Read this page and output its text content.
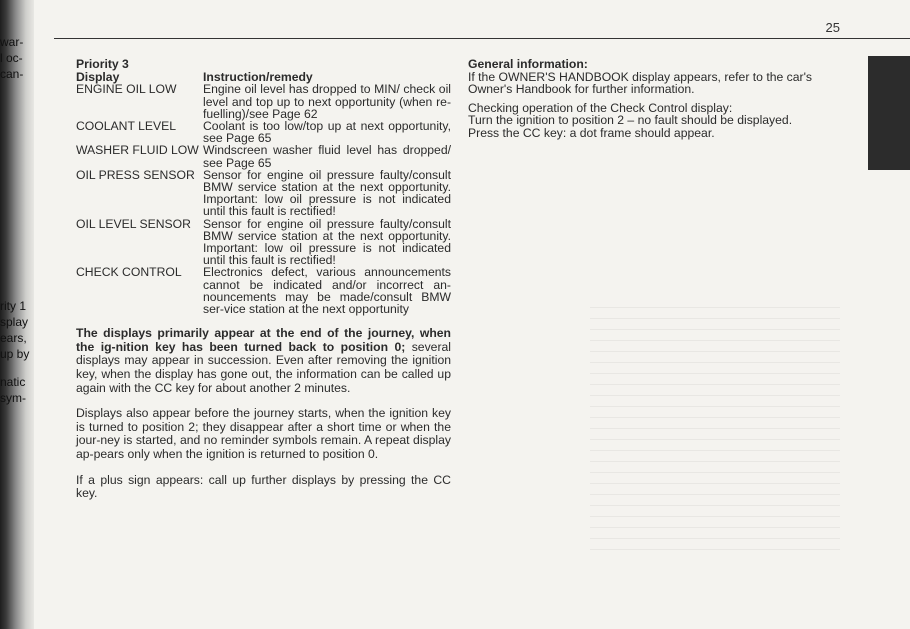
war-
l oc-
can-
rity 1
splay
ears,
up by
natic
sym-
25
Priority 3
Display	Instruction/remedy
ENGINE OIL LOW	Engine oil level has dropped to MIN/ check oil level and top up to next opportunity (when re-fuelling)/see Page 62
COOLANT LEVEL	Coolant is too low/top up at next opportunity, see Page 65
WASHER FLUID LOW Windscreen washer fluid level has dropped/ see Page 65
OIL PRESS SENSOR Sensor for engine oil pressure faulty/consult BMW service station at the next opportunity. Important: low oil pressure is not indicated until this fault is rectified!
OIL LEVEL SENSOR Sensor for engine oil pressure faulty/consult BMW service station at the next opportunity. Important: low oil pressure is not indicated until this fault is rectified!
CHECK CONTROL	Electronics defect, various announcements cannot be indicated and/or incorrect an-nouncements may be made/consult BMW ser-vice station at the next opportunity
The displays primarily appear at the end of the journey, when the ig-nition key has been turned back to position 0; several displays may appear in succession. Even after removing the ignition key, when the display has gone out, the information can be called up again with the CC key for about another 2 minutes.
Displays also appear before the journey starts, when the ignition key is turned to position 2; they disappear after a short time or when the jour-ney is started, and no reminder symbols remain. A repeat display ap-pears only when the ignition is returned to position 0.
If a plus sign appears: call up further displays by pressing the CC key.
General information:
If the OWNER'S HANDBOOK display appears, refer to the car's Owner's Handbook for further information.
Checking operation of the Check Control display:
Turn the ignition to position 2 – no fault should be displayed.
Press the CC key: a dot frame should appear.
